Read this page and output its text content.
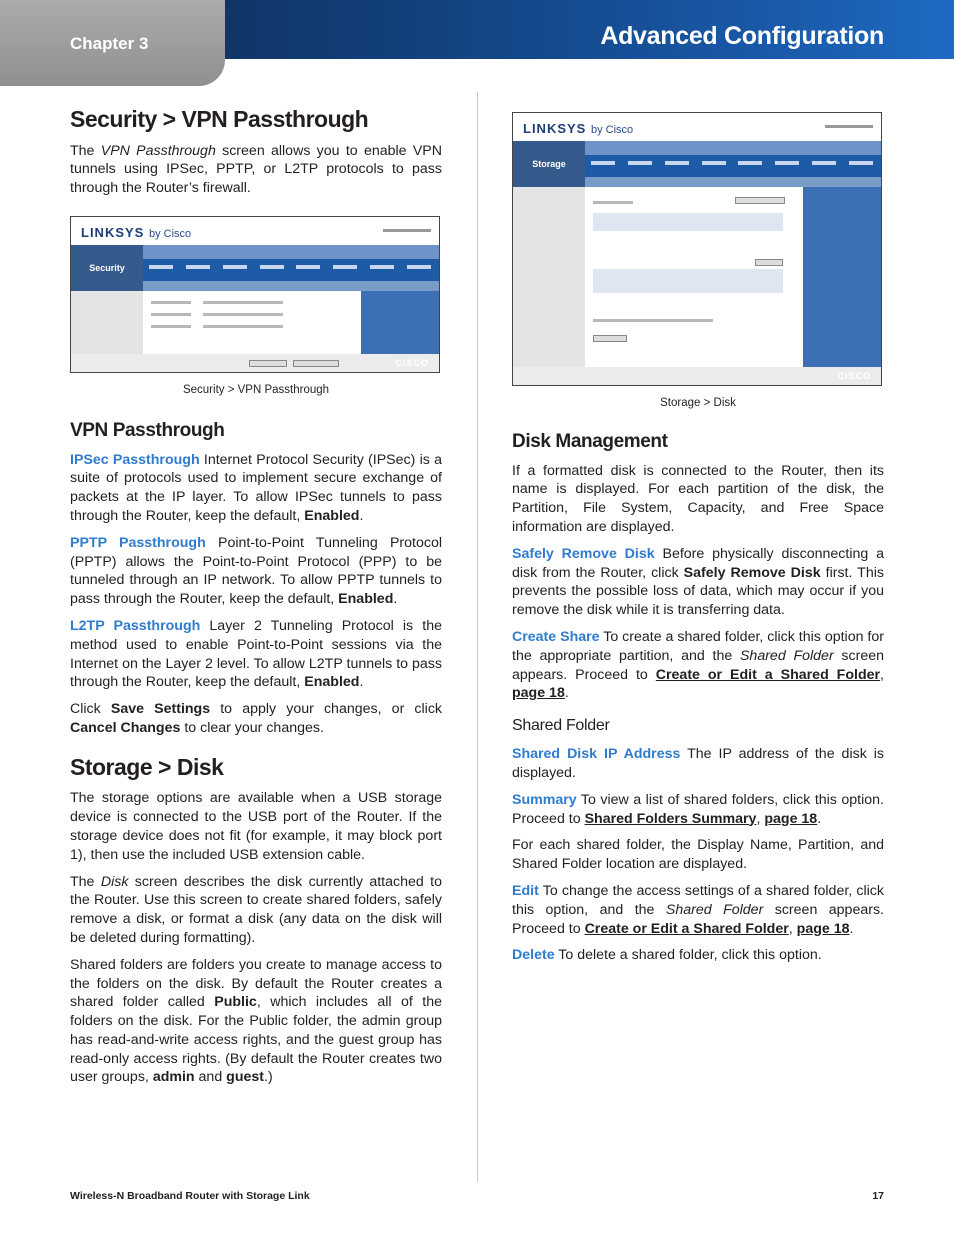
Chapter 3	Advanced Configuration
Security > VPN Passthrough

The VPN Passthrough screen allows you to enable VPN tunnels using IPSec, PPTP, or L2TP protocols to pass through the Router’s firewall.

LINKSYS by Cisco
Security
CISCO

Security > VPN Passthrough

VPN Passthrough

IPSec Passthrough Internet Protocol Security (IPSec) is a suite of protocols used to implement secure exchange of packets at the IP layer. To allow IPSec tunnels to pass through the Router, keep the default, Enabled.

PPTP Passthrough Point-to-Point Tunneling Protocol (PPTP) allows the Point-to-Point Protocol (PPP) to be tunneled through an IP network. To allow PPTP tunnels to pass through the Router, keep the default, Enabled.

L2TP Passthrough Layer 2 Tunneling Protocol is the method used to enable Point-to-Point sessions via the Internet on the Layer 2 level. To allow L2TP tunnels to pass through the Router, keep the default, Enabled.

Click Save Settings to apply your changes, or click Cancel Changes to clear your changes.

Storage > Disk

The storage options are available when a USB storage device is connected to the USB port of the Router. If the storage device does not fit (for example, it may block port 1), then use the included USB extension cable.

The Disk screen describes the disk currently attached to the Router. Use this screen to create shared folders, safely remove a disk, or format a disk (any data on the disk will be deleted during formatting).

Shared folders are folders you create to manage access to the folders on the disk. By default the Router creates a shared folder called Public, which includes all of the folders on the disk. For the Public folder, the admin group has read-and-write access rights, and the guest group has read-only access rights. (By default the Router creates two user groups, admin and guest.)

LINKSYS by Cisco
Storage
CISCO

Storage > Disk

Disk Management

If a formatted disk is connected to the Router, then its name is displayed. For each partition of the disk, the Partition, File System, Capacity, and Free Space information are displayed.

Safely Remove Disk Before physically disconnecting a disk from the Router, click Safely Remove Disk first. This prevents the possible loss of data, which may occur if you remove the disk while it is transferring data.

Create Share To create a shared folder, click this option for the appropriate partition, and the Shared Folder screen appears. Proceed to Create or Edit a Shared Folder, page 18.

Shared Folder

Shared Disk IP Address The IP address of the disk is displayed.

Summary To view a list of shared folders, click this option. Proceed to Shared Folders Summary, page 18.

For each shared folder, the Display Name, Partition, and Shared Folder location are displayed.

Edit To change the access settings of a shared folder, click this option, and the Shared Folder screen appears. Proceed to Create or Edit a Shared Folder, page 18.

Delete To delete a shared folder, click this option.

Wireless-N Broadband Router with Storage Link	17
